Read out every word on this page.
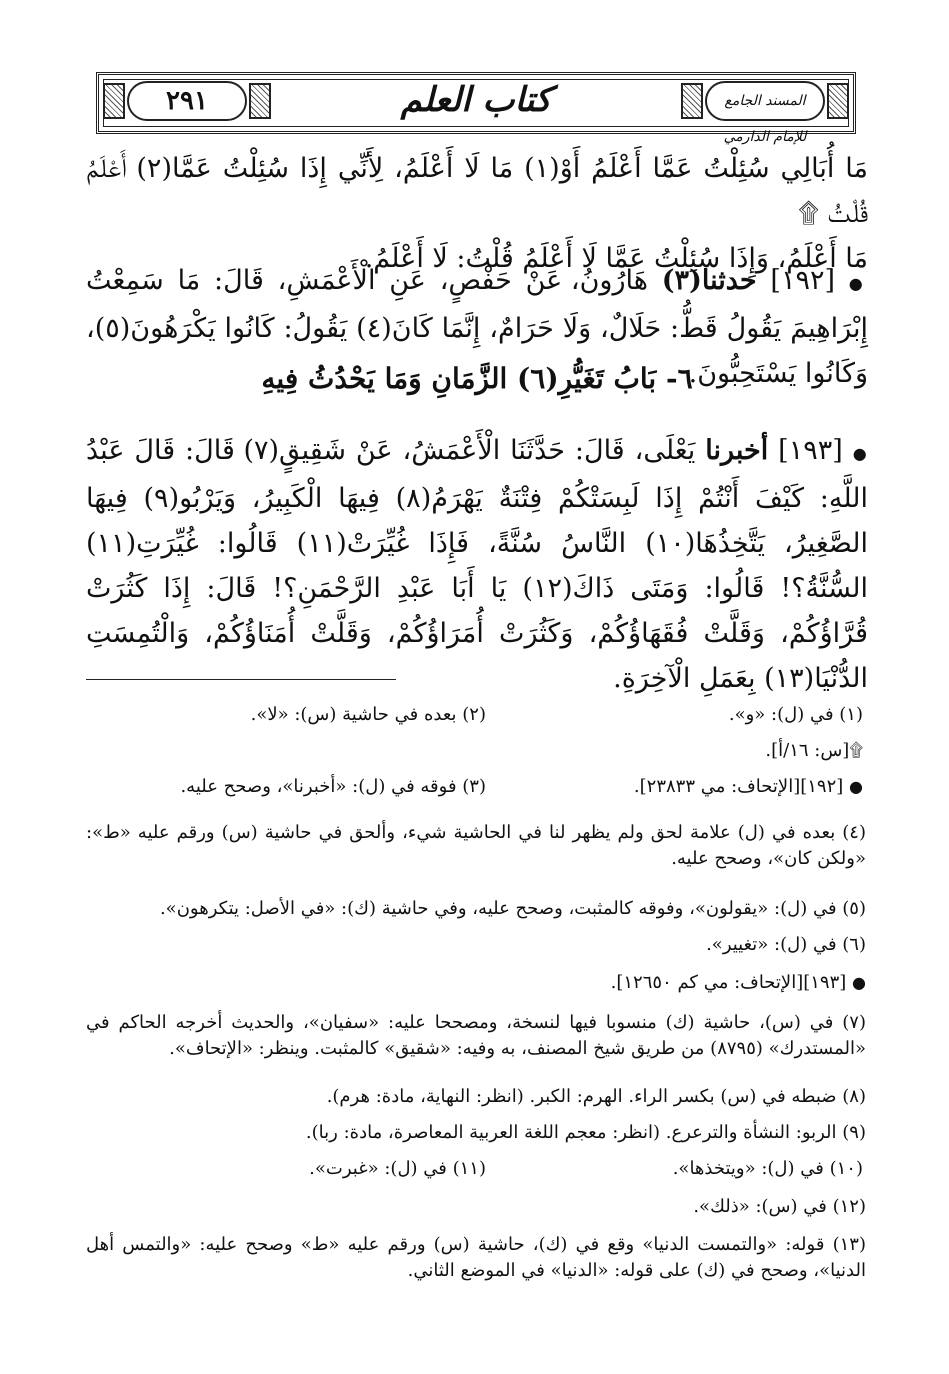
٢٩١	كتاب العلم	المسند الجامع للإمام الدارمي
مَا أُبَالِي سُئِلْتُ عَمَّا أَعْلَمُ أَوْ(١) مَا لَا أَعْلَمُ، لِأَنِّي إِذَا سُئِلْتُ عَمَّا(٢) أَعْلَمُ قُلْتُ ۩
مَا أَعْلَمُ، وَإِذَا سُئِلْتُ عَمَّا لَا أَعْلَمُ قُلْتُ: لَا أَعْلَمُ.
● [١٩٢] حدثنا(٣) هَارُونُ، عَنْ حَفْصٍ، عَنِ الْأَعْمَشِ، قَالَ: مَا سَمِعْتُ إِبْرَاهِيمَ يَقُولُ قَطُّ: حَلَالٌ، وَلَا حَرَامٌ، إِنَّمَا كَانَ(٤) يَقُولُ: كَانُوا يَكْرَهُونَ(٥)، وَكَانُوا يَسْتَحِبُّونَ.
٦- بَابُ تَغَيُّرِ(٦) الزَّمَانِ وَمَا يَحْدُثُ فِيهِ
● [١٩٣] أخبرنا يَعْلَى، قَالَ: حَدَّثَنَا الْأَعْمَشُ، عَنْ شَقِيقٍ(٧) قَالَ: قَالَ عَبْدُ اللَّهِ: كَيْفَ أَنْتُمْ إِذَا لَبِسَتْكُمْ فِتْنَةٌ يَهْرَمُ(٨) فِيهَا الْكَبِيرُ، وَيَرْبُو(٩) فِيهَا الصَّغِيرُ، يَتَّخِذُهَا(١٠) النَّاسُ سُنَّةً، فَإِذَا غُيِّرَتْ(١١) قَالُوا: غُيِّرَتِ(١١) السُّنَّةُ؟! قَالُوا: وَمَتَى ذَاكَ(١٢) يَا أَبَا عَبْدِ الرَّحْمَنِ؟! قَالَ: إِذَا كَثُرَتْ قُرَّاؤُكُمْ، وَقَلَّتْ فُقَهَاؤُكُمْ، وَكَثُرَتْ أُمَرَاؤُكُمْ، وَقَلَّتْ أُمَنَاؤُكُمْ، وَالْتُمِسَتِ الدُّنْيَا(١٣) بِعَمَلِ الْآخِرَةِ.
(١) في (ل): «و».
(٢) بعده في حاشية (س): «لا».
۩[س: ١٦/أ].
● [١٩٢][الإتحاف: مي ٢٣٨٣٣].
(٣) فوقه في (ل): «أخبرنا»، وصحح عليه.
(٤) بعده في (ل) علامة لحق ولم يظهر لنا في الحاشية شيء، وألحق في حاشية (س) ورقم عليه «ط»: «ولكن كان»، وصحح عليه.
(٥) في (ل): «يقولون»، وفوقه كالمثبت، وصحح عليه، وفي حاشية (ك): «في الأصل: يتكرهون».
(٦) في (ل): «تغيير».
● [١٩٣][الإتحاف: مي كم ١٢٦٥٠].
(٧) في (س)، حاشية (ك) منسوبا فيها لنسخة، ومصححا عليه: «سفيان»، والحديث أخرجه الحاكم في «المستدرك» (٨٧٩٥) من طريق شيخ المصنف، به وفيه: «شقيق» كالمثبت. وينظر: «الإتحاف».
(٨) ضبطه في (س) بكسر الراء. الهرم: الكبر. (انظر: النهاية، مادة: هرم).
(٩) الربو: النشأة والترعرع. (انظر: معجم اللغة العربية المعاصرة، مادة: ربا).
(١٠) في (ل): «ويتخذها».
(١١) في (ل): «غبرت».
(١٢) في (س): «ذلك».
(١٣) قوله: «والتمست الدنيا» وقع في (ك)، حاشية (س) ورقم عليه «ط» وصحح عليه: «والتمس أهل الدنيا»، وصحح في (ك) على قوله: «الدنيا» في الموضع الثاني.
